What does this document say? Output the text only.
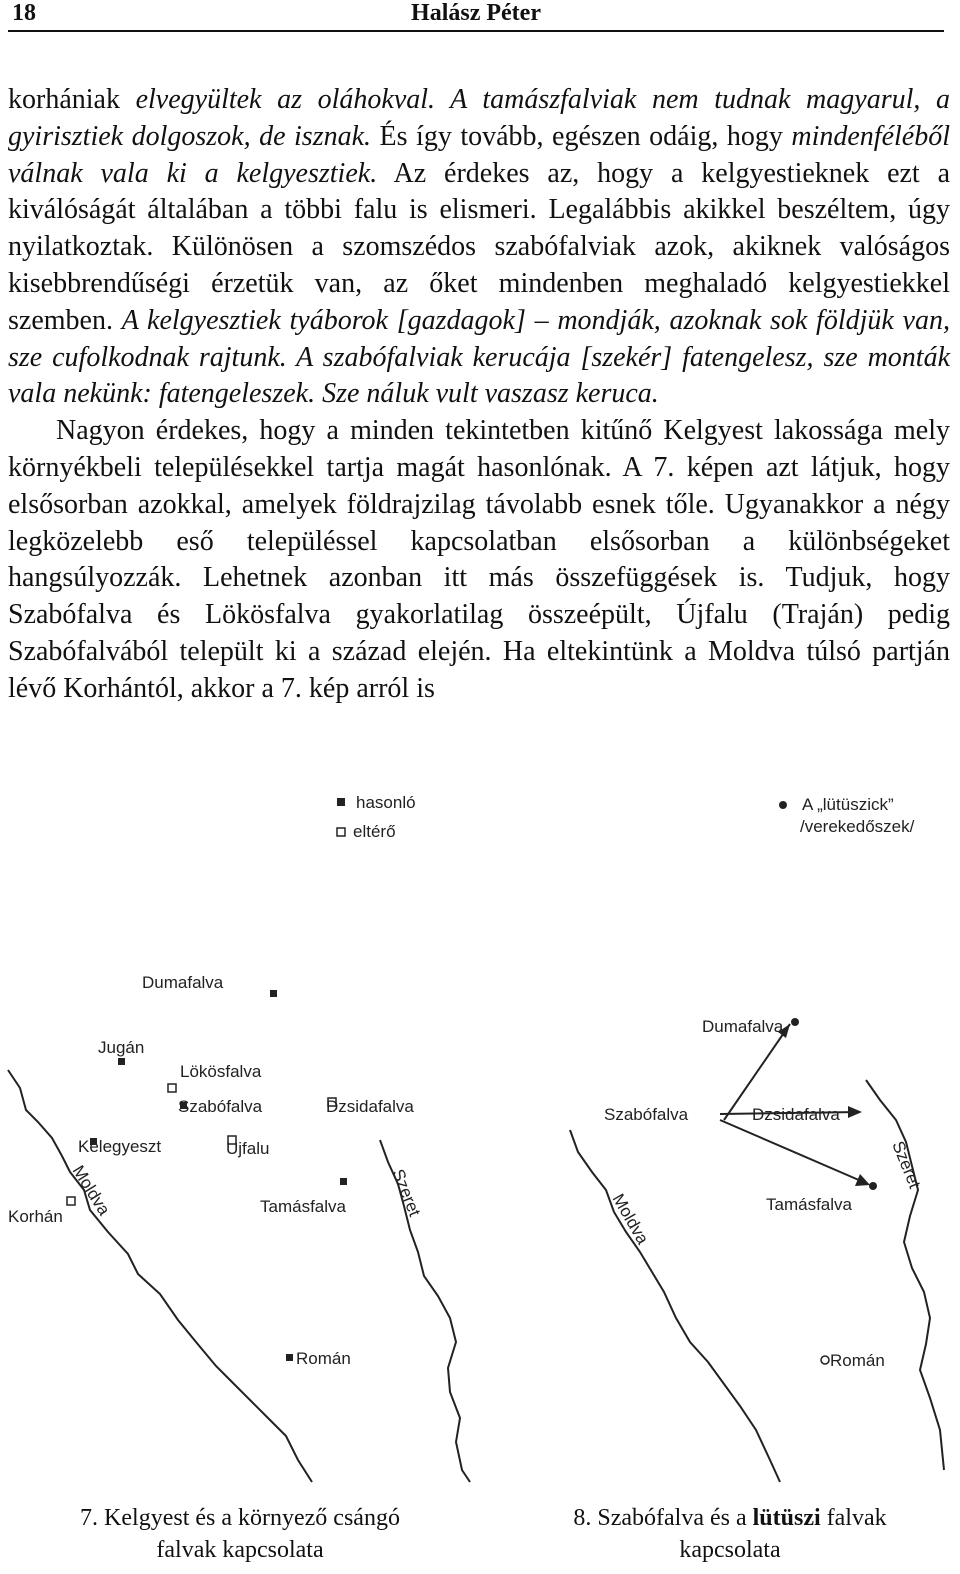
18	Halász Péter

korhániak elvegyültek az oláhokval. A tamászfalviak nem tudnak magyarul, a gyirisztiek dolgoszok, de isznak. És így tovább, egészen odáig, hogy mindenféléből válnak vala ki a kelgyesztiek. Az érdekes az, hogy a kelgyestieknek ezt a kiválóságát általában a többi falu is elismeri. Legalábbis akikkel beszéltem, úgy nyilatkoztak. Különösen a szomszédos szabófalviak azok, akiknek valóságos kisebbrendűségi érzetük van, az őket mindenben meghaladó kelgyestiekkel szemben. A kelgyesztiek tyáborok [gazdagok] – mondják, azoknak sok földjük van, sze cufolkodnak rajtunk. A szabófalviak kerucája [szekér] fatengelesz, sze monták vala nekünk: fatengeleszek. Sze náluk vult vaszasz keruca.

Nagyon érdekes, hogy a minden tekintetben kitűnő Kelgyest lakossága mely környékbeli településekkel tartja magát hasonlónak. A 7. képen azt látjuk, hogy elsősorban azokkal, amelyek földrajzilag távolabb esnek tőle. Ugyanakkor a négy legközelebb eső településsel kapcsolatban elsősorban a különbségeket hangsúlyozzák. Lehetnek azonban itt más összefüggések is. Tudjuk, hogy Szabófalva és Lökösfalva gyakorlatilag összeépült, Újfalu (Traján) pedig Szabófalvából települt ki a század elején. Ha eltekintünk a Moldva túlsó partján lévő Korhántól, akkor a 7. kép arról is

hasonló
eltérő
Dumafalva
Jugán
Lökösfalva
Szabófalva	Dzsidafalva
Kelegyeszt	Ujfalu
Tamásfalva
Korhán
Román
Moldva	Szeret
A „lütüszick”
/verekedőszek/
Dumafalva
Szabófalva	Dzsidafalva
Tamásfalva
Román
Moldva
Szeret
7. Kelgyest és a környező csángó
falvak kapcsolata
8. Szabófalva és a lütüszi falvak
kapcsolata
